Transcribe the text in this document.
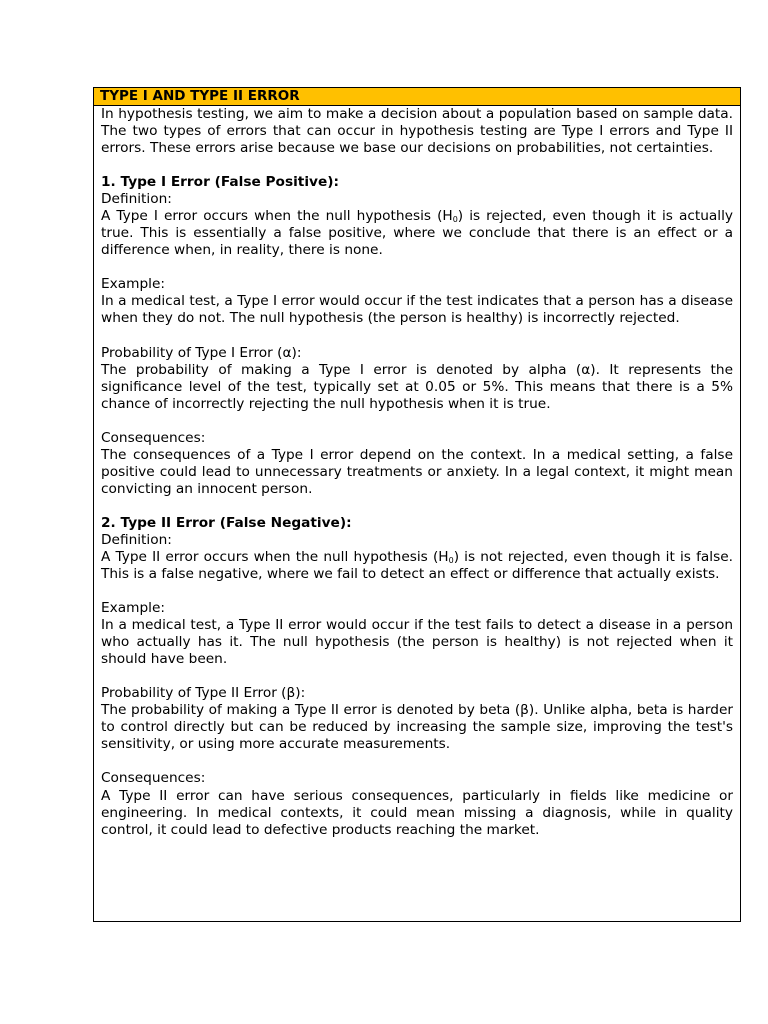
TYPE I AND TYPE II ERROR

In hypothesis testing, we aim to make a decision about a population based on sample data. The two types of errors that can occur in hypothesis testing are Type I errors and Type II errors. These errors arise because we base our decisions on probabilities, not certainties.

1. Type I Error (False Positive):

Definition:

A Type I error occurs when the null hypothesis $(H_0)$ is rejected, even though it is actually true. This is essentially a false positive, where we conclude that there is an effect or a difference when, in reality, there is none.

Example:

In a medical test, a Type I error would occur if the test indicates that a person has a disease when they do not. The null hypothesis (the person is healthy) is incorrectly rejected.

Probability of Type I Error (α):

The probability of making a Type I error is denoted by alpha (α). It represents the significance level of the test, typically set at 0.05 or 5%. This means that there is a 5% chance of incorrectly rejecting the null hypothesis when it is true.

Consequences:

The consequences of a Type I error depend on the context. In a medical setting, a false positive could lead to unnecessary treatments or anxiety. In a legal context, it might mean convicting an innocent person.

2. Type II Error (False Negative):

Definition:

A Type II error occurs when the null hypothesis $(H_0)$ is not rejected, even though it is false. This is a false negative, where we fail to detect an effect or difference that actually exists.

Example:

In a medical test, a Type II error would occur if the test fails to detect a disease in a person who actually has it. The null hypothesis (the person is healthy) is not rejected when it should have been.

Probability of Type II Error (β):

The probability of making a Type II error is denoted by beta (β). Unlike alpha, beta is harder to control directly but can be reduced by increasing the sample size, improving the test's sensitivity, or using more accurate measurements.

Consequences:

A Type II error can have serious consequences, particularly in fields like medicine or engineering. In medical contexts, it could mean missing a diagnosis, while in quality control, it could lead to defective products reaching the market.
